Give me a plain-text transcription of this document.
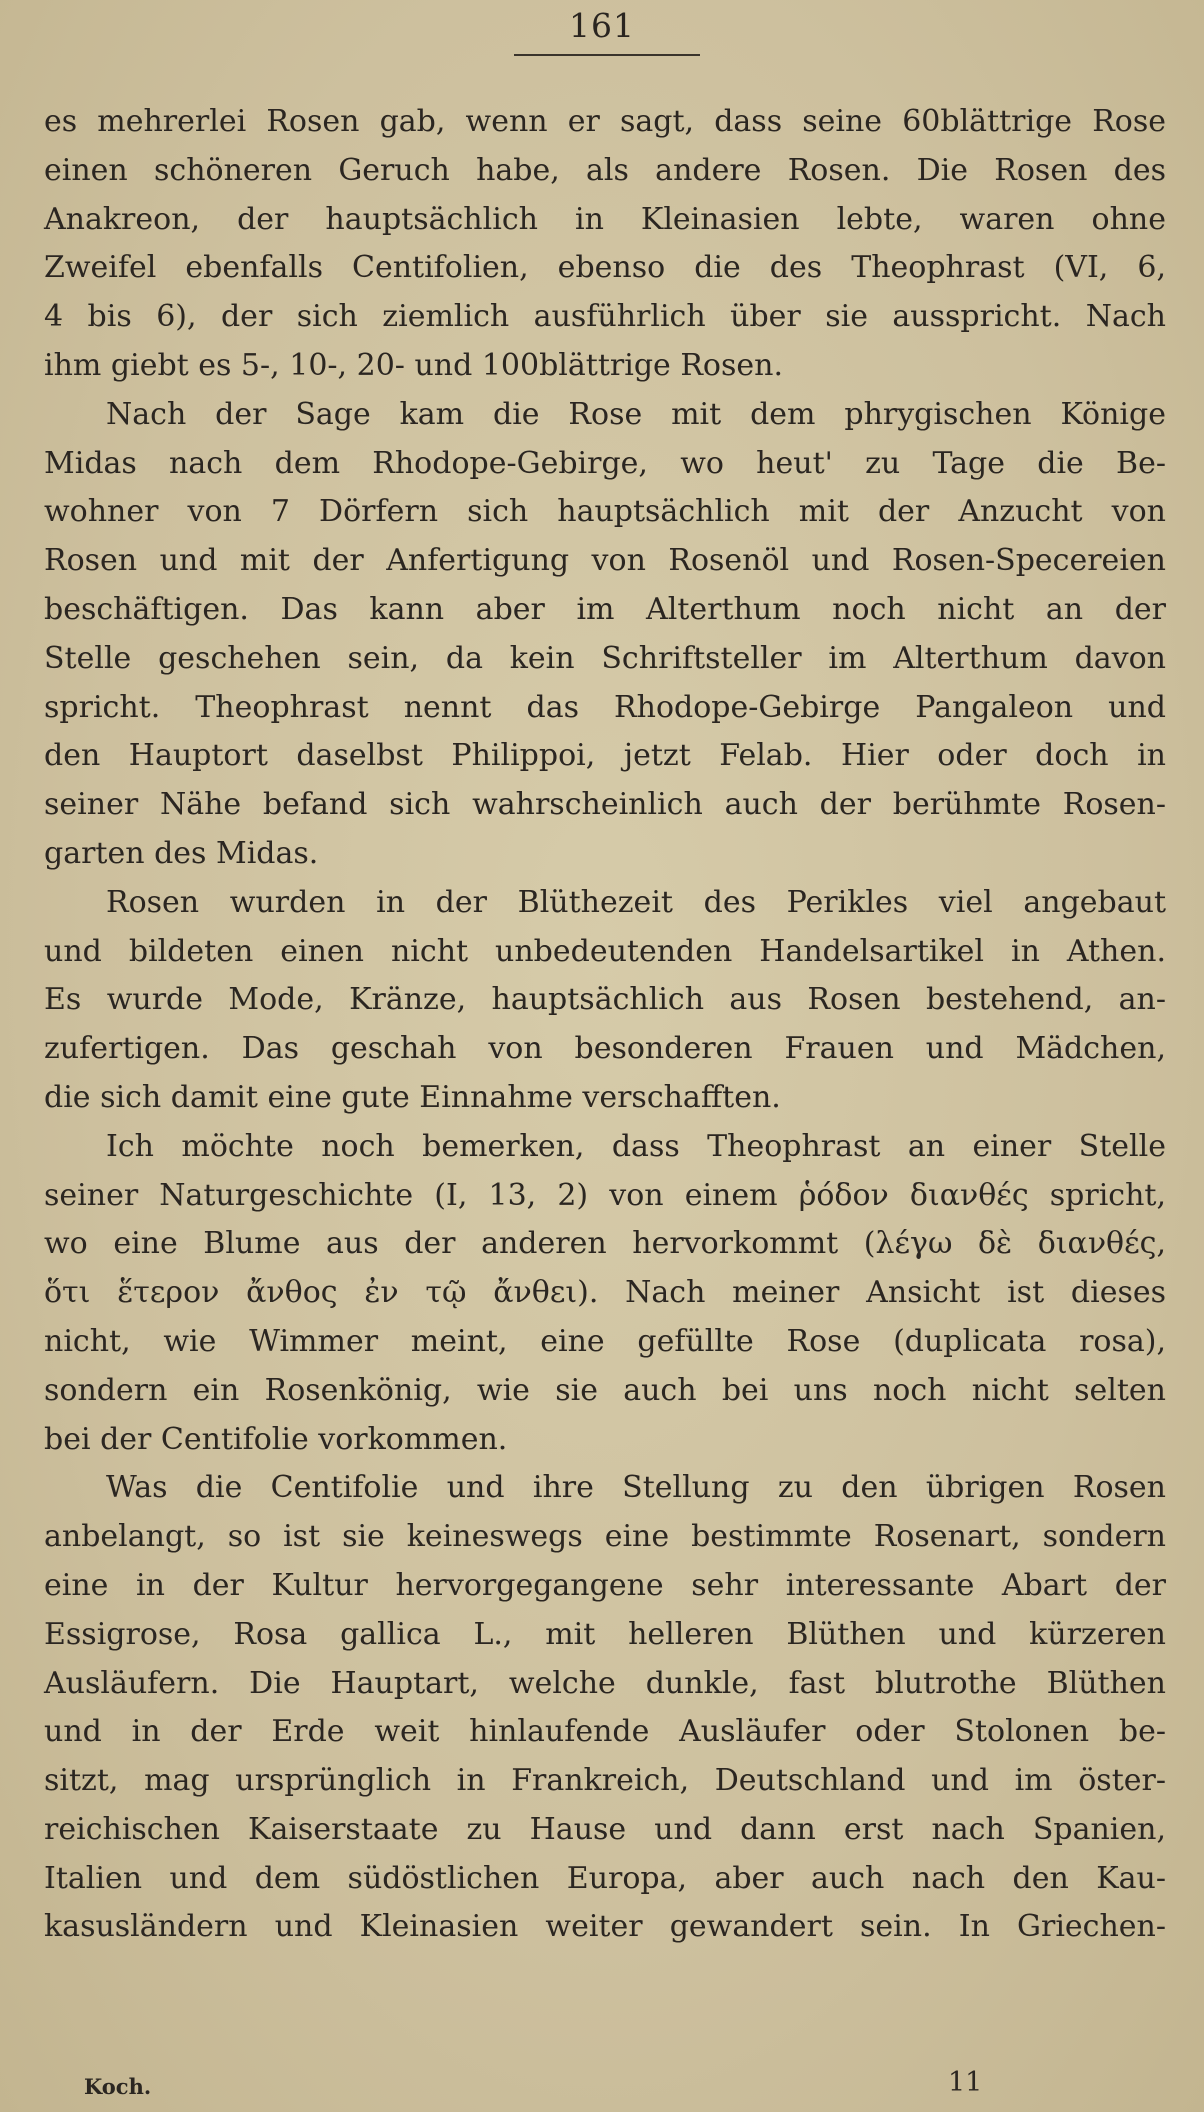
161
es mehrerlei Rosen gab, wenn er sagt, dass seine 60blättrige Rose
einen schöneren Geruch habe, als andere Rosen. Die Rosen des
Anakreon, der hauptsächlich in Kleinasien lebte, waren ohne
Zweifel ebenfalls Centifolien, ebenso die des Theophrast (VI, 6,
4 bis 6), der sich ziemlich ausführlich über sie ausspricht. Nach
ihm giebt es 5-, 10-, 20- und 100blättrige Rosen.
Nach der Sage kam die Rose mit dem phrygischen Könige
Midas nach dem Rhodope-Gebirge, wo heut' zu Tage die Be-
wohner von 7 Dörfern sich hauptsächlich mit der Anzucht von
Rosen und mit der Anfertigung von Rosenöl und Rosen-Specereien
beschäftigen. Das kann aber im Alterthum noch nicht an der
Stelle geschehen sein, da kein Schriftsteller im Alterthum davon
spricht. Theophrast nennt das Rhodope-Gebirge Pangaleon und
den Hauptort daselbst Philippoi, jetzt Felab. Hier oder doch in
seiner Nähe befand sich wahrscheinlich auch der berühmte Rosen-
garten des Midas.
Rosen wurden in der Blüthezeit des Perikles viel angebaut
und bildeten einen nicht unbedeutenden Handelsartikel in Athen.
Es wurde Mode, Kränze, hauptsächlich aus Rosen bestehend, an-
zufertigen. Das geschah von besonderen Frauen und Mädchen,
die sich damit eine gute Einnahme verschafften.
Ich möchte noch bemerken, dass Theophrast an einer Stelle
seiner Naturgeschichte (I, 13, 2) von einem ῥόδον διανθές spricht,
wo eine Blume aus der anderen hervorkommt (λέγω δὲ διανθές,
ὅτι ἕτερον ἄνθος ἐν τῷ ἄνθει). Nach meiner Ansicht ist dieses
nicht, wie Wimmer meint, eine gefüllte Rose (duplicata rosa),
sondern ein Rosenkönig, wie sie auch bei uns noch nicht selten
bei der Centifolie vorkommen.
Was die Centifolie und ihre Stellung zu den übrigen Rosen
anbelangt, so ist sie keineswegs eine bestimmte Rosenart, sondern
eine in der Kultur hervorgegangene sehr interessante Abart der
Essigrose, Rosa gallica L., mit helleren Blüthen und kürzeren
Ausläufern. Die Hauptart, welche dunkle, fast blutrothe Blüthen
und in der Erde weit hinlaufende Ausläufer oder Stolonen be-
sitzt, mag ursprünglich in Frankreich, Deutschland und im öster-
reichischen Kaiserstaate zu Hause und dann erst nach Spanien,
Italien und dem südöstlichen Europa, aber auch nach den Kau-
kasusländern und Kleinasien weiter gewandert sein. In Griechen-
Koch.	11
